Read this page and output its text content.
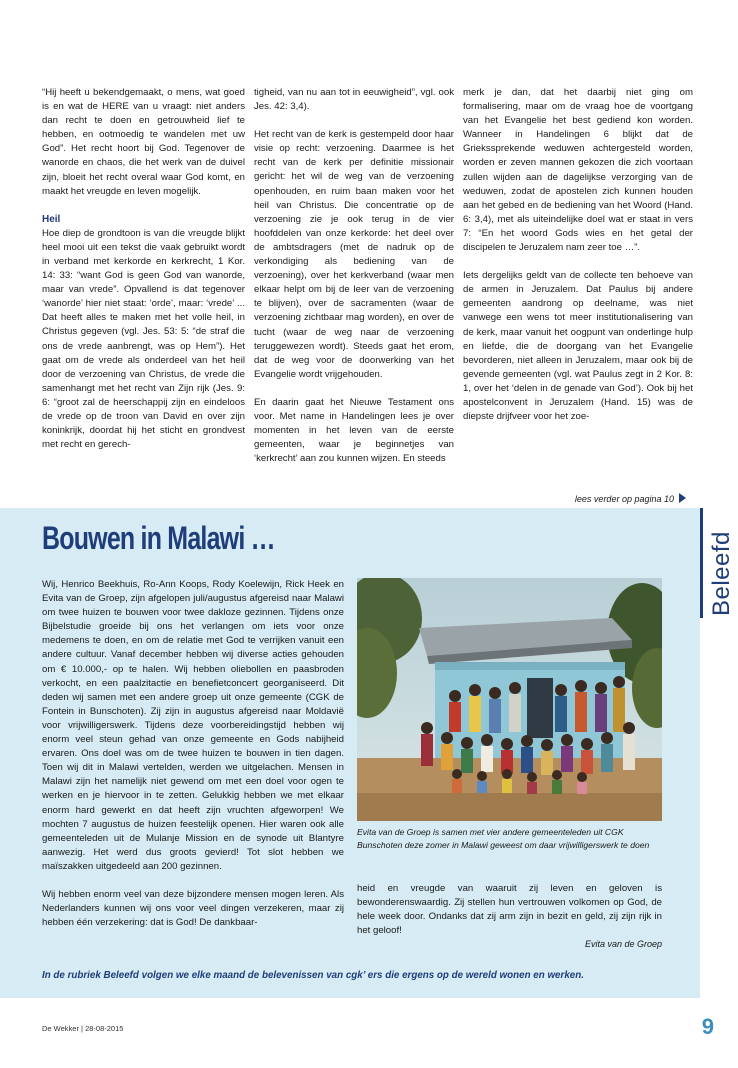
“Hij heeft u bekendgemaakt, o mens, wat goed is en wat de HERE van u vraagt: niet anders dan recht te doen en getrouwheid lief te hebben, en ootmoedig te wandelen met uw God”. Het recht hoort bij God. Tegenover de wanorde en chaos, die het werk van de duivel zijn, bloeit het recht overal waar God komt, en maakt het vreugde en leven mogelijk.

Heil

Hoe diep de grondtoon is van die vreugde blijkt heel mooi uit een tekst die vaak gebruikt wordt in verband met kerkorde en kerkrecht, 1 Kor. 14: 33: “want God is geen God van wanorde, maar van vrede”. Opvallend is dat tegenover ‘wanorde’ hier niet staat: ‘orde’, maar: ‘vrede’ ... Dat heeft alles te maken met het volle heil, in Christus gegeven (vgl. Jes. 53: 5: “de straf die ons de vrede aanbrengt, was op Hem”). Het gaat om de vrede als onderdeel van het heil door de verzoening van Christus, de vrede die samenhangt met het recht van Zijn rijk (Jes. 9: 6: “groot zal de heerschappij zijn en eindeloos de vrede op de troon van David en over zijn koninkrijk, doordat hij het sticht en grondvest met recht en gerech-

tigheid, van nu aan tot in eeuwigheid”, vgl. ook Jes. 42: 3,4).

Het recht van de kerk is gestempeld door haar visie op recht: verzoening. Daarmee is het recht van de kerk per definitie missionair gericht: het wil de weg van de verzoening openhouden, en ruim baan maken voor het heil van Christus. Die concentratie op de verzoening zie je ook terug in de vier hoofddelen van onze kerkorde: het deel over de ambtsdragers (met de nadruk op de verkondiging als bediening van de verzoening), over het kerkverband (waar men elkaar helpt om bij de leer van de verzoening te blijven), over de sacramenten (waar de verzoening zichtbaar mag worden), en over de tucht (waar de weg naar de verzoening teruggewezen wordt). Steeds gaat het erom, dat de weg voor de doorwerking van het Evangelie wordt vrijgehouden.

En daarin gaat het Nieuwe Testament ons voor. Met name in Handelingen lees je over momenten in het leven van de eerste gemeenten, waar je beginnetjes van ‘kerkrecht’ aan zou kunnen wijzen. En steeds

merk je dan, dat het daarbij niet ging om formalisering, maar om de vraag hoe de voortgang van het Evangelie het best gediend kon worden. Wanneer in Handelingen 6 blijkt dat de Griekssprekende weduwen achtergesteld worden, worden er zeven mannen gekozen die zich voortaan zullen wijden aan de dagelijkse verzorging van de weduwen, zodat de apostelen zich kunnen houden aan het gebed en de bediening van het Woord (Hand. 6: 3,4), met als uiteindelijke doel wat er staat in vers 7: “En het woord Gods wies en het getal der discipelen te Jeruzalem nam zeer toe …”.

Iets dergelijks geldt van de collecte ten behoeve van de armen in Jeruzalem. Dat Paulus bij andere gemeenten aandrong op deelname, was niet vanwege een wens tot meer institutionalisering van de kerk, maar vanuit het oogpunt van onderlinge hulp en liefde, die de doorgang van het Evangelie bevorderen, niet alleen in Jeruzalem, maar ook bij de gevende gemeenten (vgl. wat Paulus zegt in 2 Kor. 8: 1, over het ‘delen in de genade van God’). Ook bij het apostelconvent in Jeruzalem (Hand. 15) was de diepste drijfveer voor het zoe-

lees verder op pagina 10
Beleefd
Bouwen in Malawi …

Wij, Henrico Beekhuis, Ro-Ann Koops, Rody Koelewijn, Rick Heek en Evita van de Groep, zijn afgelopen juli/augustus afgereisd naar Malawi om twee huizen te bouwen voor twee dakloze gezinnen. Tijdens onze Bijbelstudie groeide bij ons het verlangen om iets voor onze medemens te doen, en om de relatie met God te verrijken vanuit een andere cultuur. Vanaf december hebben wij diverse acties gehouden om € 10.000,- op te halen. Wij hebben oliebollen en paasbroden verkocht, en een paalzitactie en benefietconcert georganiseerd. Dit deden wij samen met een andere groep uit onze gemeente (CGK de Fontein in Bunschoten). Zij zijn in augustus afgereisd naar Moldavië voor vrijwilligerswerk. Tijdens deze voorbereidingstijd hebben wij enorm veel steun gehad van onze gemeente en Gods nabijheid ervaren. Ons doel was om de twee huizen te bouwen in tien dagen. Toen wij dit in Malawi vertelden, werden we uitgelachen. Mensen in Malawi zijn het namelijk niet gewend om met een doel voor ogen te werken en je hiervoor in te zetten. Gelukkig hebben we met elkaar enorm hard gewerkt en dat heeft zijn vruchten afgeworpen! We mochten 7 augustus de huizen feestelijk openen. Hier waren ook alle gemeenteleden uit de Mulanje Mission en de synode uit Blantyre aanwezig. Het werd dus groots gevierd! Tot slot hebben we maïszakken uitgedeeld aan 200 gezinnen.

Wij hebben enorm veel van deze bijzondere mensen mogen leren. Als Nederlanders kunnen wij ons voor veel dingen verzekeren, maar zij hebben één verzekering: dat is God! De dankbaar-

Evita van de Groep is samen met vier andere gemeenteleden uit CGK Bunschoten deze zomer in Malawi geweest om daar vrijwilligerswerk te doen

heid en vreugde van waaruit zij leven en geloven is bewonderenswaardig. Zij stellen hun vertrouwen volkomen op God, de hele week door. Ondanks dat zij arm zijn in bezit en geld, zij zijn rijk in het geloof!

Evita van de Groep
In de rubriek Beleefd volgen we elke maand de belevenissen van cgk’ ers die ergens op de wereld wonen en werken.
De Wekker | 28-08-2015	9
